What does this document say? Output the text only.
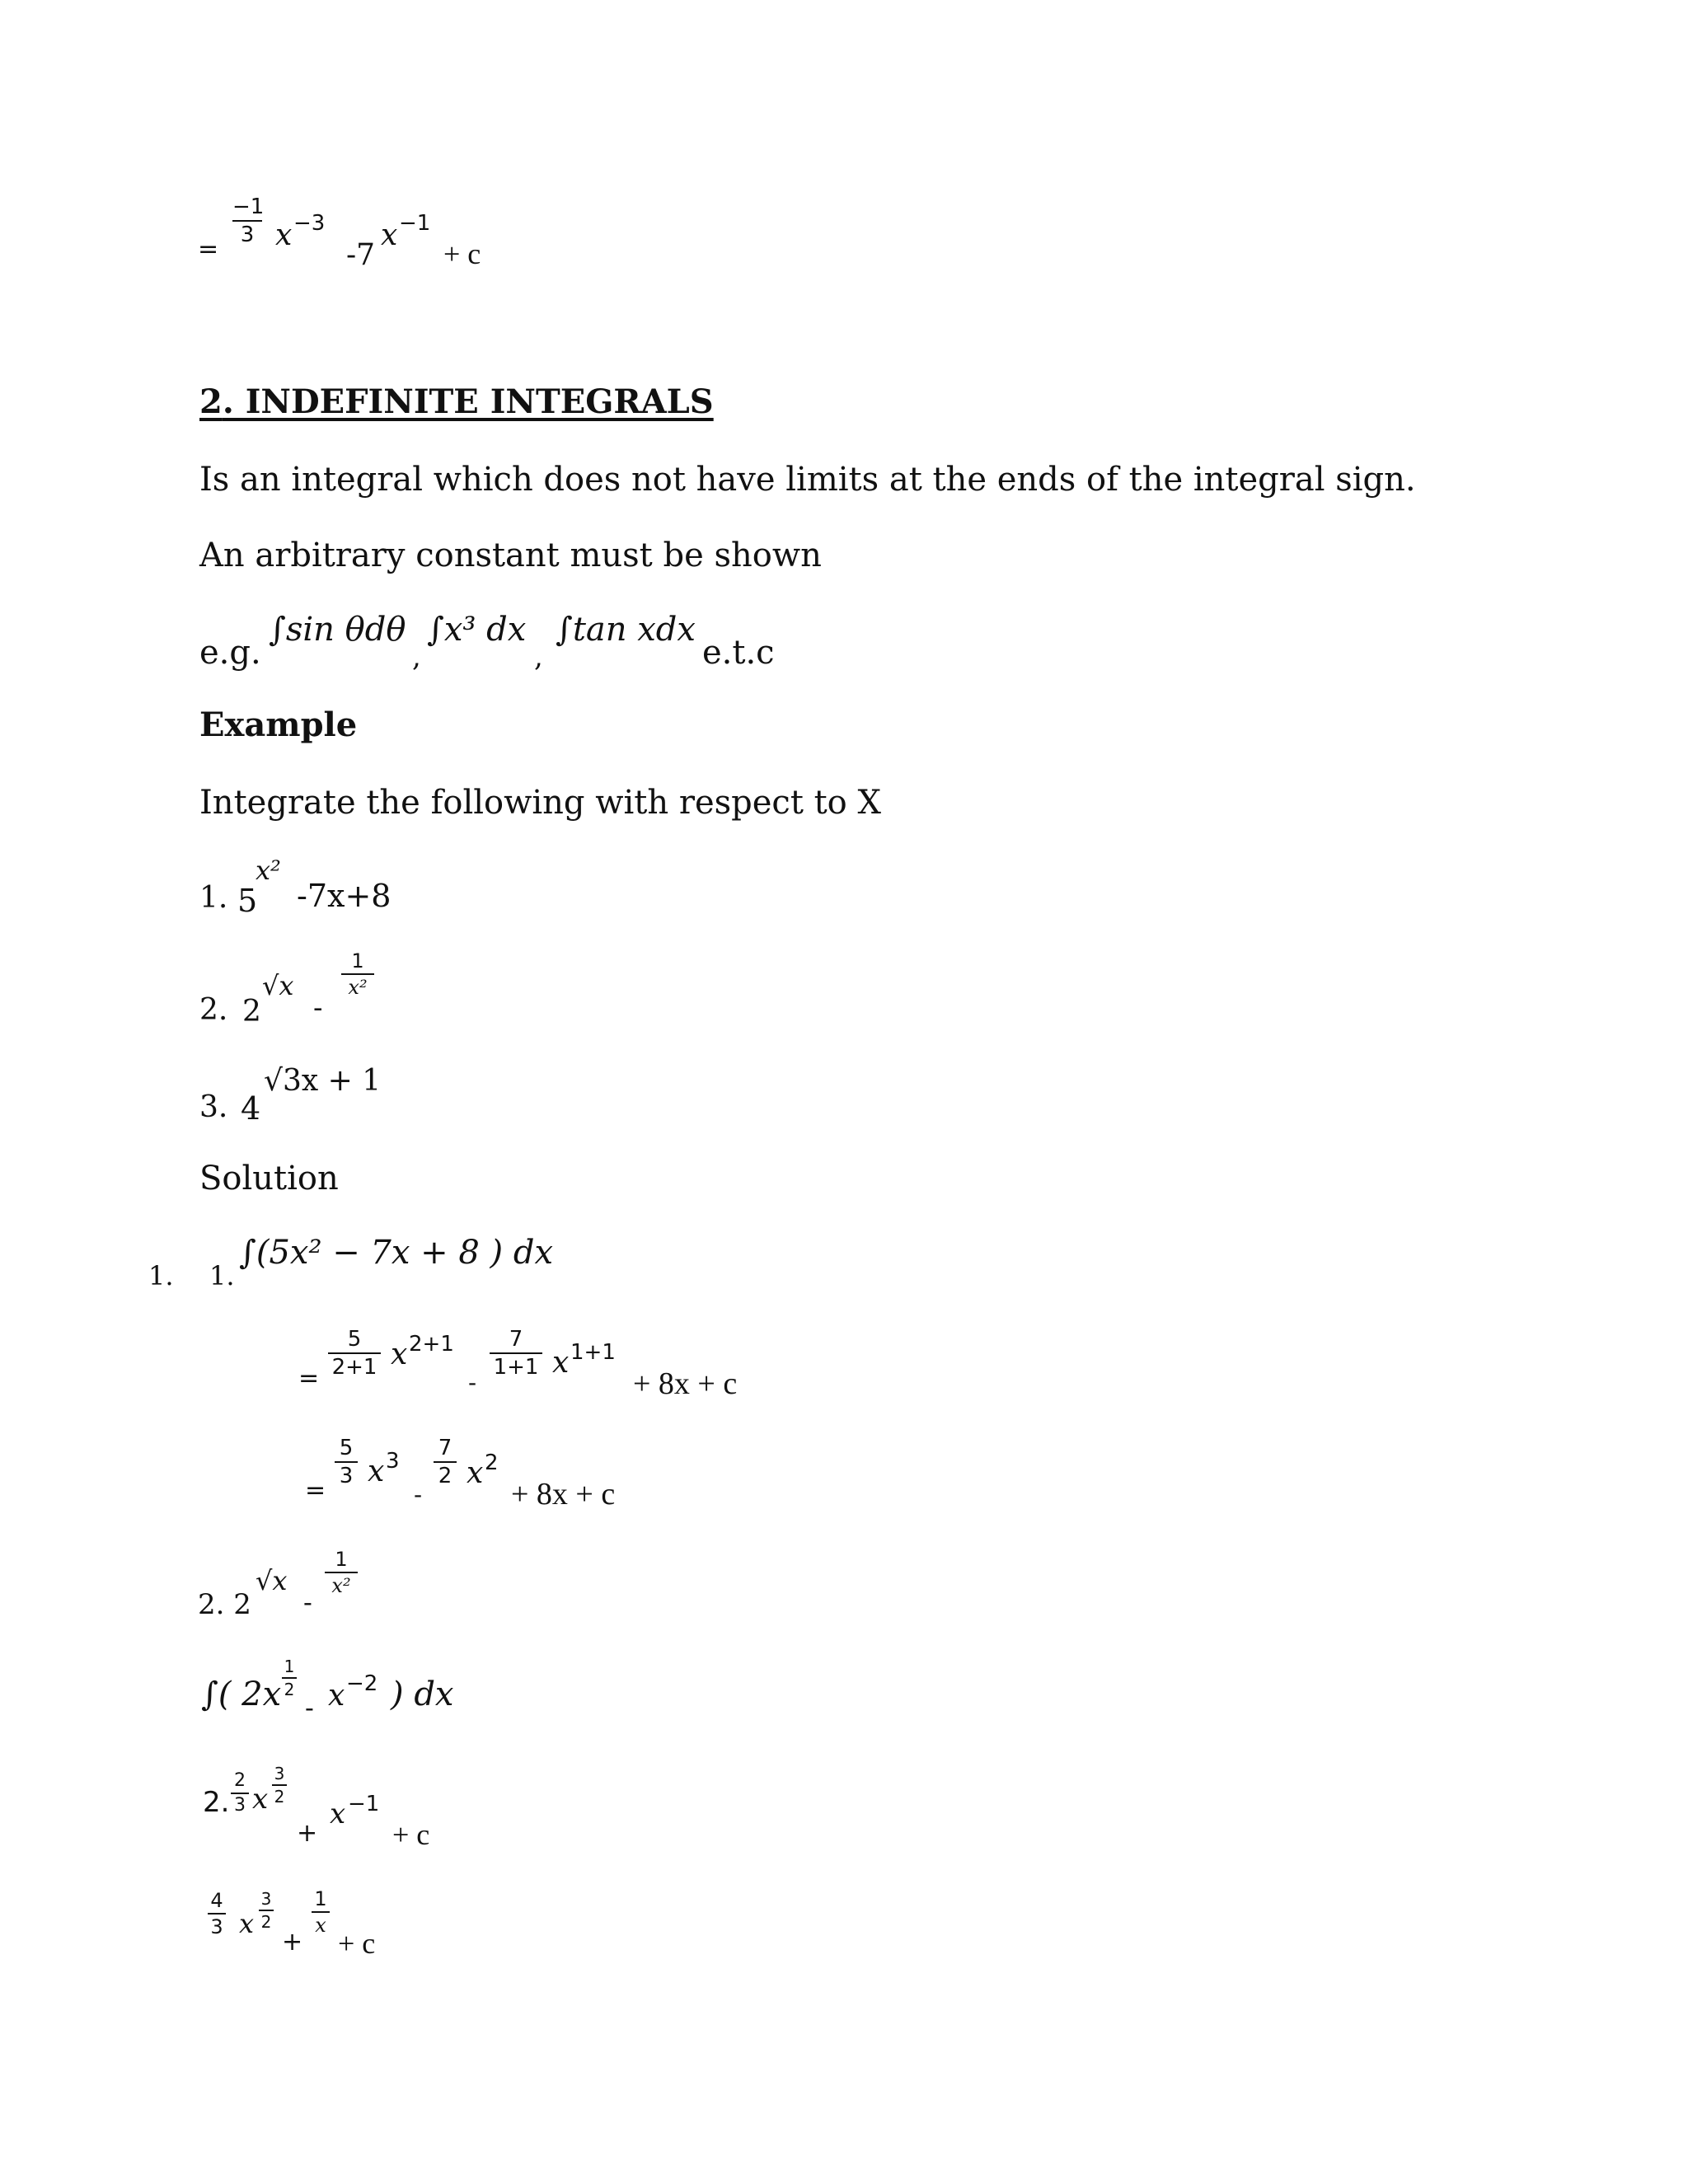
=
−1
3 x −3
-7
x −1
+ c
2. INDEFINITE INTEGRALS

Is an integral which does not have limits at the ends of the integral sign.

An arbitrary constant must be shown

e.g.
∫sin θdθ
,
∫x³ dx
,
∫tan xdx
e.t.c

Example

Integrate the following with respect to X

1. 5
x²
-7x+8
2. 2
√x
-
1
x²
3. 4
√3x + 1

Solution

1. 1.
∫(5x² − 7x + 8 ) dx
=
5
2+1 x 2+1
-
7
1+1 x 1+1
+ 8x + c
=
5
3 x 3
-
7
2 x 2
+ 8x + c
2. 2
√x
-
1
x²
∫( 2x
1
2
- x −2 ) dx
2.
2
3 x
3
2
+
x −1
+ c
4
3 x
3
2
+
1
x
+ c
